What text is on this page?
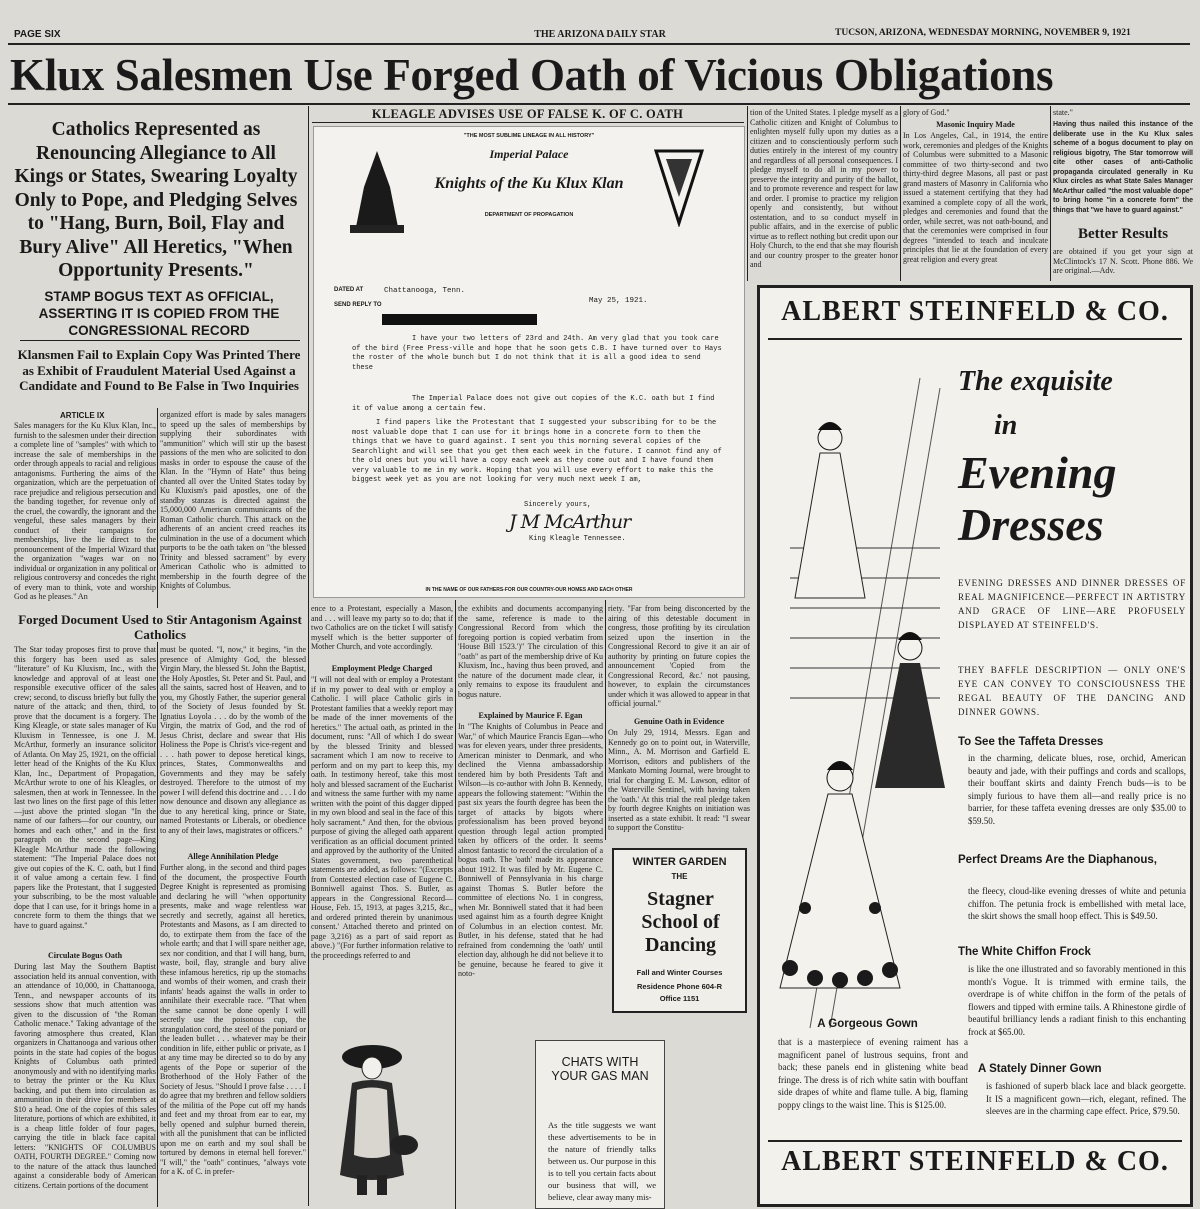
PAGE SIX	THE ARIZONA DAILY STAR	TUCSON, ARIZONA, WEDNESDAY MORNING, NOVEMBER 9, 1921
Klux Salesmen Use Forged Oath of Vicious Obligations
Catholics Represented as Renouncing Allegiance to All Kings or States, Swearing Loyalty Only to Pope, and Pledging Selves to "Hang, Burn, Boil, Flay and Bury Alive" All Heretics, "When Opportunity Presents."
STAMP BOGUS TEXT AS OFFICIAL, ASSERTING IT IS COPIED FROM THE CONGRESSIONAL RECORD
Klansmen Fail to Explain Copy Was Printed There as Exhibit of Fraudulent Material Used Against a Candidate and Found to Be False in Two Inquiries
ARTICLE IX
Sales managers for the Ku Klux Klan, Inc., furnish to the salesmen under their direction a complete line of "samples" with which to increase the sale of memberships in the order through appeals to racial and religious antagonisms. Furthering the aims of the organization, which are the perpetuation of race prejudice and religious persecution and the banding together, for revenue only of the cruel, the cowardly, the ignorant and the vengeful, these sales managers by their conduct of their campaigns for memberships, live the lie direct to the pronouncement of the Imperial Wizard that the organization "wages war on no individual or organization in any political or religious controversy and concedes the right of every man to think, vote and worship God as he pleases." An
organized effort is made by sales managers to speed up the sales of memberships by supplying their subordinates with "ammunition" which will stir up the basest passions of the men who are solicited to don masks in order to espouse the cause of the Klan. In the "Hymn of Hate" thus being chanted all over the United States today by Ku Kluxism's paid apostles, one of the standby stanzas is directed against the 15,000,000 American communicants of the Roman Catholic church. This attack on the adherents of an ancient creed reaches its culmination in the use of a document which purports to be the oath taken on "the blessed Trinity and blessed sacrament" by every American Catholic who is admitted to membership in the fourth degree of the Knights of Columbus.
Forged Document Used to Stir Antagonism Against Catholics
The Star today proposes first to prove that this forgery has been used as sales "literature" of Ku Kluxism, Inc., with the knowledge and approval of at least one responsible executive officer of the sales crew; second, to discuss briefly but fully the nature of the attack; and then, third, to prove that the document is a forgery. The King Kleagle, or state sales manager of Ku Kluxism in Tennessee, is one J. M. McArthur, formerly an insurance solicitor of Atlanta. On May 25, 1921, on the official letter head of the Knights of the Ku Klux Klan, Inc., Department of Propagation, McArthur wrote to one of his Kleagles, or salesmen, then at work in Tennessee. In the last two lines on the first page of this letter—just above the printed slogan "In the name of our fathers—for our country, our homes and each other," and in the first paragraph on the second page—King Kleagle McArthur made the following statement: "The Imperial Palace does not give out copies of the K. C. oath, but I find it of value among a certain few. I find papers like the Protestant, that I suggested your subscribing, to be the most valuable dope that I can use, for it brings home in a concrete form to them the things that we have to guard against."
Circulate Bogus Oath
During last May the Southern Baptist association held its annual convention, with an attendance of 10,000, in Chattanooga, Tenn., and newspaper accounts of its sessions show that much attention was given to the discussion of "the Roman Catholic menace." Taking advantage of the favoring atmosphere thus created, Klan organizers in Chattanooga and various other points in the state had copies of the bogus Knights of Columbus oath printed anonymously and with no identifying marks to betray the printer or the Ku Klux backing, and put them into circulation as ammunition in their drive for members at $10 a head. One of the copies of this sales literature, portions of which are exhibited, it is a cheap little folder of four pages, carrying the title in black face capital letters: "KNIGHTS OF COLUMBUS OATH, FOURTH DEGREE." Coming now to the nature of the attack thus launched against a considerable body of American citizens. Certain portions of the document
must be quoted. "I, now," it begins, "in the presence of Almighty God, the blessed Virgin Mary, the blessed St. John the Baptist, the Holy Apostles, St. Peter and St. Paul, and all the saints, sacred host of Heaven, and to you, my Ghostly Father, the superior general of the Society of Jesus founded by St. Ignatius Loyola . . . do by the womb of the Virgin, the matrix of God, and the rod of Jesus Christ, declare and swear that His Holiness the Pope is Christ's vice-regent and . . . hath power to depose heretical kings, princes, States, Commonwealths and Governments and they may be safely destroyed. Therefore to the utmost of my power I will defend this doctrine and . . . I do now denounce and disown any allegiance as due to any heretical king, prince or State, named Protestants or Liberals, or obedience to any of their laws, magistrates or officers."
Allege Annihilation Pledge
Further along, in the second and third pages of the document, the prospective Fourth Degree Knight is represented as promising and declaring he will "when opportunity presents, make and wage relentless war secretly and secretly, against all heretics, Protestants and Masons, as I am directed to do, to extirpate them from the face of the whole earth; and that I will spare neither age, sex nor condition, and that I will hang, burn, waste, boil, flay, strangle and bury alive these infamous heretics, rip up the stomachs and wombs of their women, and crash their infants' heads against the walls in order to annihilate their execrable race. "That when the same cannot be done openly I will secretly use the poisonous cup, the strangulation cord, the steel of the poniard or the leaden bullet . . . whatever may be their condition in life, either public or private, as I at any time may be directed so to do by any agents of the Pope or superior of the Brotherhood of the Holy Father of the Society of Jesus. "Should I prove false . . . . I do agree that my brethren and fellow soldiers of the militia of the Pope cut off my hands and feet and my throat from ear to ear, my belly opened and sulphur burned therein, with all the punishment that can be inflicted upon me on earth and my soul shall be tortured by demons in eternal hell forever." "I will," the "oath" continues, "always vote for a K. of C. in prefer-
KLEAGLE ADVISES USE OF FALSE K. OF C. OATH
"THE MOST SUBLIME LINEAGE IN ALL HISTORY"
Imperial Palace
Knights of the Ku Klux Klan
DEPARTMENT OF PROPAGATION
DATED AT	Chattanooga, Tenn.
May 25, 1921.
SEND REPLY TO
I have your two letters of 23rd and 24th. Am very glad that you took care of the bird (Free Press-ville and hope that he soon gets C.B. I have turned over to Hays the roster of the whole bunch but I do not think that it is all a good idea to send these
The Imperial Palace does not give out copies of the K.C. oath but I find it of value among a certain few.
I find papers like the Protestant that I suggested your subscribing for to be the most valuable dope that I can use for it brings home in a concrete form to them the things that we have to guard against. I sent you this morning several copies of the Searchlight and will see that you get them each week in the future. I cannot find any of the old ones but you will have a copy each week as they come out and I have found them very valuable to me in my work. Hoping that you will use every effort to make this the biggest week yet as you are not looking for very much next week I am,
Sincerely yours,
J M McArthur
King Kleagle Tennessee.
IN THE NAME OF OUR FATHERS-FOR OUR COUNTRY-OUR HOMES AND EACH OTHER
ence to a Protestant, especially a Mason, and . . . will leave my party so to do; that if two Catholics are on the ticket I will satisfy myself which is the better supporter of Mother Church, and vote accordingly.
Employment Pledge Charged
"I will not deal with or employ a Protestant if in my power to deal with or employ a Catholic. I will place Catholic girls in Protestant families that a weekly report may be made of the inner movements of the heretics." The actual oath, as printed in the document, runs: "All of which I do swear by the blessed Trinity and blessed sacrament which I am now to receive to perform and on my part to keep this, my oath. In testimony hereof, take this most holy and blessed sacrament of the Eucharist and witness the same further with my name written with the point of this dagger dipped in my own blood and seal in the face of this holy sacrament." And then, for the obvious purpose of giving the alleged oath apparent verification as an official document printed and approved by the authority of the United States government, two parenthetical statements are added, as follows: "(Excerpts from Contested election case of Eugene C. Bonniwell against Thos. S. Butler, as appears in the Congressional Record—House, Feb. 15, 1913, at pages 3,215, &c., and ordered printed therein by unanimous consent.' Attached thereto and printed on page 3,216) as a part of said report as above.) "(For further information relative to the proceedings referred to and
the exhibits and documents accompanying the same, reference is made to the Congressional Record from which the foregoing portion is copied verbatim from 'House Bill 1523.')" The circulation of this "oath" as part of the membership drive of Ku Kluxism, Inc., having thus been proved, and the nature of the document made clear, it only remains to expose its fraudulent and bogus nature.
Explained by Maurice F. Egan
In "The Knights of Columbus in Peace and War," of which Maurice Francis Egan—who was for eleven years, under three presidents, American minister to Denmark, and who declined the Vienna ambassadorship tendered him by both Presidents Taft and Wilson—is co-author with John B. Kennedy, appears the following statement: "Within the past six years the fourth degree has been the target of attacks by bigots where professionalism has been proved beyond question through legal action prompted taken by officers of the order. It seems almost fantastic to record the circulation of a bogus oath. The 'oath' made its appearance about 1912. It was filed by Mr. Eugene C. Bonniwell of Pennsylvania in his charge against Thomas S. Butler before the committee of elections No. 1 in congress, when Mr. Bonniwell stated that it had been used against him as a fourth degree Knight of Columbus in an election contest. Mr. Butler, in his defense, stated that he had refrained from condemning the 'oath' until election day, although he did not believe it to be genuine, because he feared to give it noto-
riety. "Far from being disconcerted by the airing of this detestable document in congress, those profiting by its circulation seized upon the insertion in the Congressional Record to give it an air of authority by printing on future copies the announcement 'Copied from the Congressional Record, &c.' not pausing, however, to explain the circumstances under which it was allowed to appear in that official journal."
Genuine Oath in Evidence
On July 29, 1914, Messrs. Egan and Kennedy go on to point out, in Waterville, Minn., A. M. Morrison and Garfield E. Morrison, editors and publishers of the Mankato Morning Journal, were brought to trial for charging E. M. Lawson, editor of the Waterville Sentinel, with having taken the 'oath.' At this trial the real pledge taken by fourth degree Knights on initiation was inserted as a state exhibit. It read: "I swear to support the Constitu-
WINTER GARDEN
THE
Stagner School of Dancing
Fall and Winter Courses
Residence Phone 604-R
Office 1151
CHATS WITH YOUR GAS MAN
As the title suggests we want these advertisements to be in the nature of friendly talks between us. Our purpose in this is to tell you certain facts about our business that will, we believe, clear away many mis-
tion of the United States. I pledge myself as a Catholic citizen and Knight of Columbus to enlighten myself fully upon my duties as a citizen and to conscientiously perform such duties entirely in the interest of my country and regardless of all personal consequences. I pledge myself to do all in my power to preserve the integrity and purity of the ballot, and to promote reverence and respect for law and order. I promise to practice my religion openly and consistently, but without ostentation, and to so conduct myself in public affairs, and in the exercise of public virtue as to reflect nothing but credit upon our Holy Church, to the end that she may flourish and our country prosper to the greater honor and
glory of God."
Masonic Inquiry Made
In Los Angeles, Cal., in 1914, the entire work, ceremonies and pledges of the Knights of Columbus were submitted to a Masonic committee of two thirty-second and two thirty-third degree Masons, all past or past grand masters of Masonry in California who issued a statement certifying that they had examined a complete copy of all the work, pledges and ceremonies and found that the order, while secret, was not oath-bound, and that the ceremonies were comprised in four degrees "intended to teach and inculcate principles that lie at the foundation of every great religion and every great
state."
Having thus nailed this instance of the deliberate use in the Ku Klux sales scheme of a bogus document to play on religious bigotry, The Star tomorrow will cite other cases of anti-Catholic propaganda circulated generally in Ku Klux circles as what State Sales Manager McArthur called "the most valuable dope" to bring home "in a concrete form" the things that "we have to guard against."
Better Results
are obtained if you get your sign at McClintock's 17 N. Scott. Phone 886. We are original.—Adv.
ALBERT STEINFELD & CO.
The exquisite
in
Evening
Dresses
EVENING DRESSES AND DINNER DRESSES OF REAL MAGNIFICENCE—PERFECT IN ARTISTRY AND GRACE OF LINE—ARE PROFUSELY DISPLAYED AT STEINFELD'S.
THEY BAFFLE DESCRIPTION — ONLY ONE'S EYE CAN CONVEY TO CONSCIOUSNESS THE REGAL BEAUTY OF THE DANCING AND DINNER GOWNS.
To See the Taffeta Dresses
in the charming, delicate blues, rose, orchid, American beauty and jade, with their puffings and cords and scallops, their bouffant skirts and dainty French buds—is to be simply furious to have them all—and really price is no barrier, for these taffeta evening dresses are only $35.00 to $59.50.
Perfect Dreams Are the Diaphanous,
the fleecy, cloud-like evening dresses of white and petunia chiffon. The petunia frock is embellished with metal lace, the skirt shows the small hoop effect. This is $49.50.
The White Chiffon Frock
is like the one illustrated and so favorably mentioned in this month's Vogue. It is trimmed with ermine tails, the overdrape is of white chiffon in the form of the petals of flowers and tipped with ermine tails. A Rhinestone girdle of beautiful brilliancy lends a radiant finish to this enchanting frock at $65.00.
A Gorgeous Gown
that is a masterpiece of evening raiment has a magnificent panel of lustrous sequins, front and back; these panels end in glistening white bead fringe. The dress is of rich white satin with bouffant side drapes of white and flame tulle. A big, flaming poppy clings to the waist line. This is $125.00.
A Stately Dinner Gown
is fashioned of superb black lace and black georgette. It IS a magnificent gown—rich, elegant, refined. The sleeves are in the charming cape effect. Price, $79.50.
ALBERT STEINFELD & CO.
